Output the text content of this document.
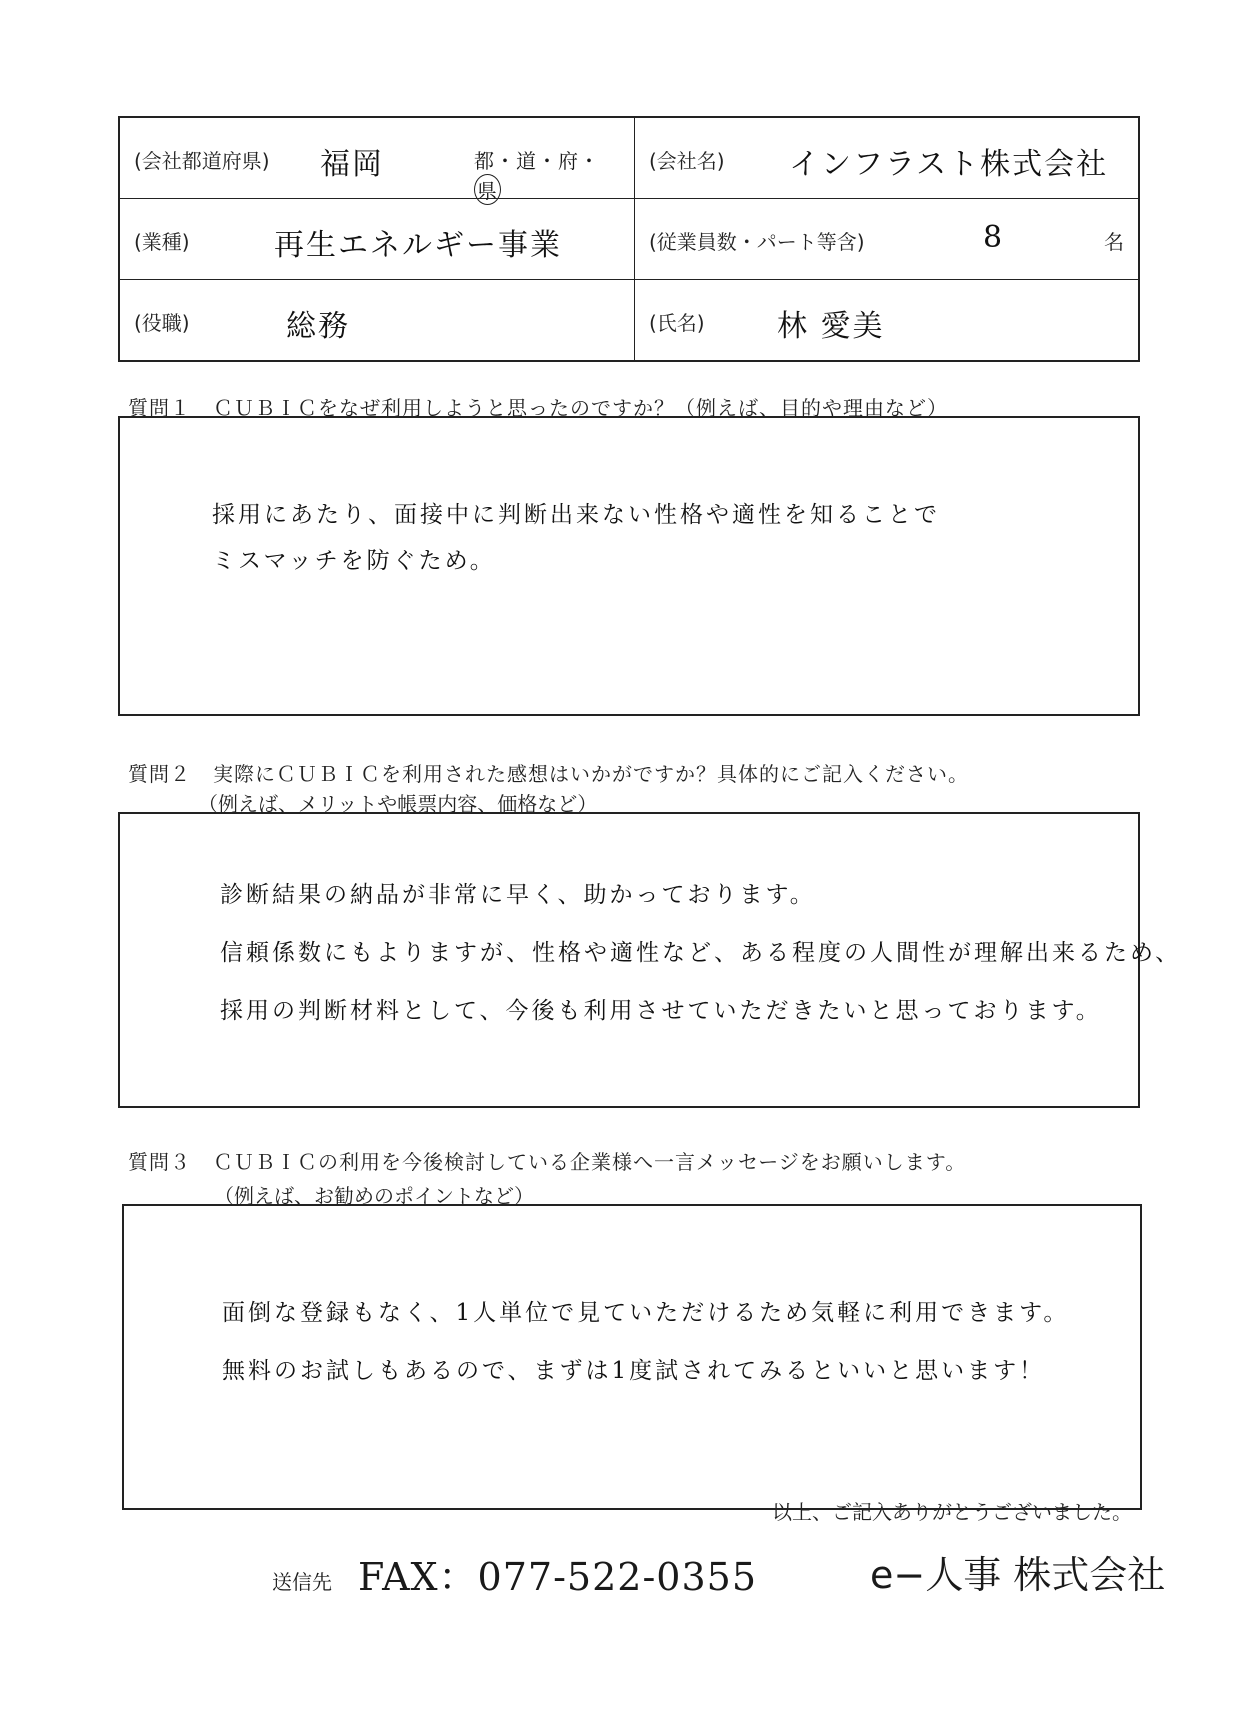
(会社都道府県) 福岡 都・道・府・県	(会社名) インフラスト株式会社

(業種) 再生エネルギー事業	(従業員数・パート等含) 8 名

(役職) 総務	(氏名) 林 愛美
質問１ ＣＵＢＩＣをなぜ利用しようと思ったのですか？（例えば、目的や理由など）
採用にあたり、面接中に判断出来ない性格や適性を知ることで
ミスマッチを防ぐため。
質問２ 実際にＣＵＢＩＣを利用された感想はいかがですか？具体的にご記入ください。
（例えば、メリットや帳票内容、価格など）
診断結果の納品が非常に早く、助かっております。
信頼係数にもよりますが、性格や適性など、ある程度の人間性が理解出来るため、
採用の判断材料として、今後も利用させていただきたいと思っております。
質問３ ＣＵＢＩＣの利用を今後検討している企業様へ一言メッセージをお願いします。
（例えば、お勧めのポイントなど）
面倒な登録もなく、1人単位で見ていただけるため気軽に利用できます。
無料のお試しもあるので、まずは1度試されてみるといいと思います！
以上、ご記入ありがとうございました。
送信先 FAX：077-522-0355	e−人事 株式会社
